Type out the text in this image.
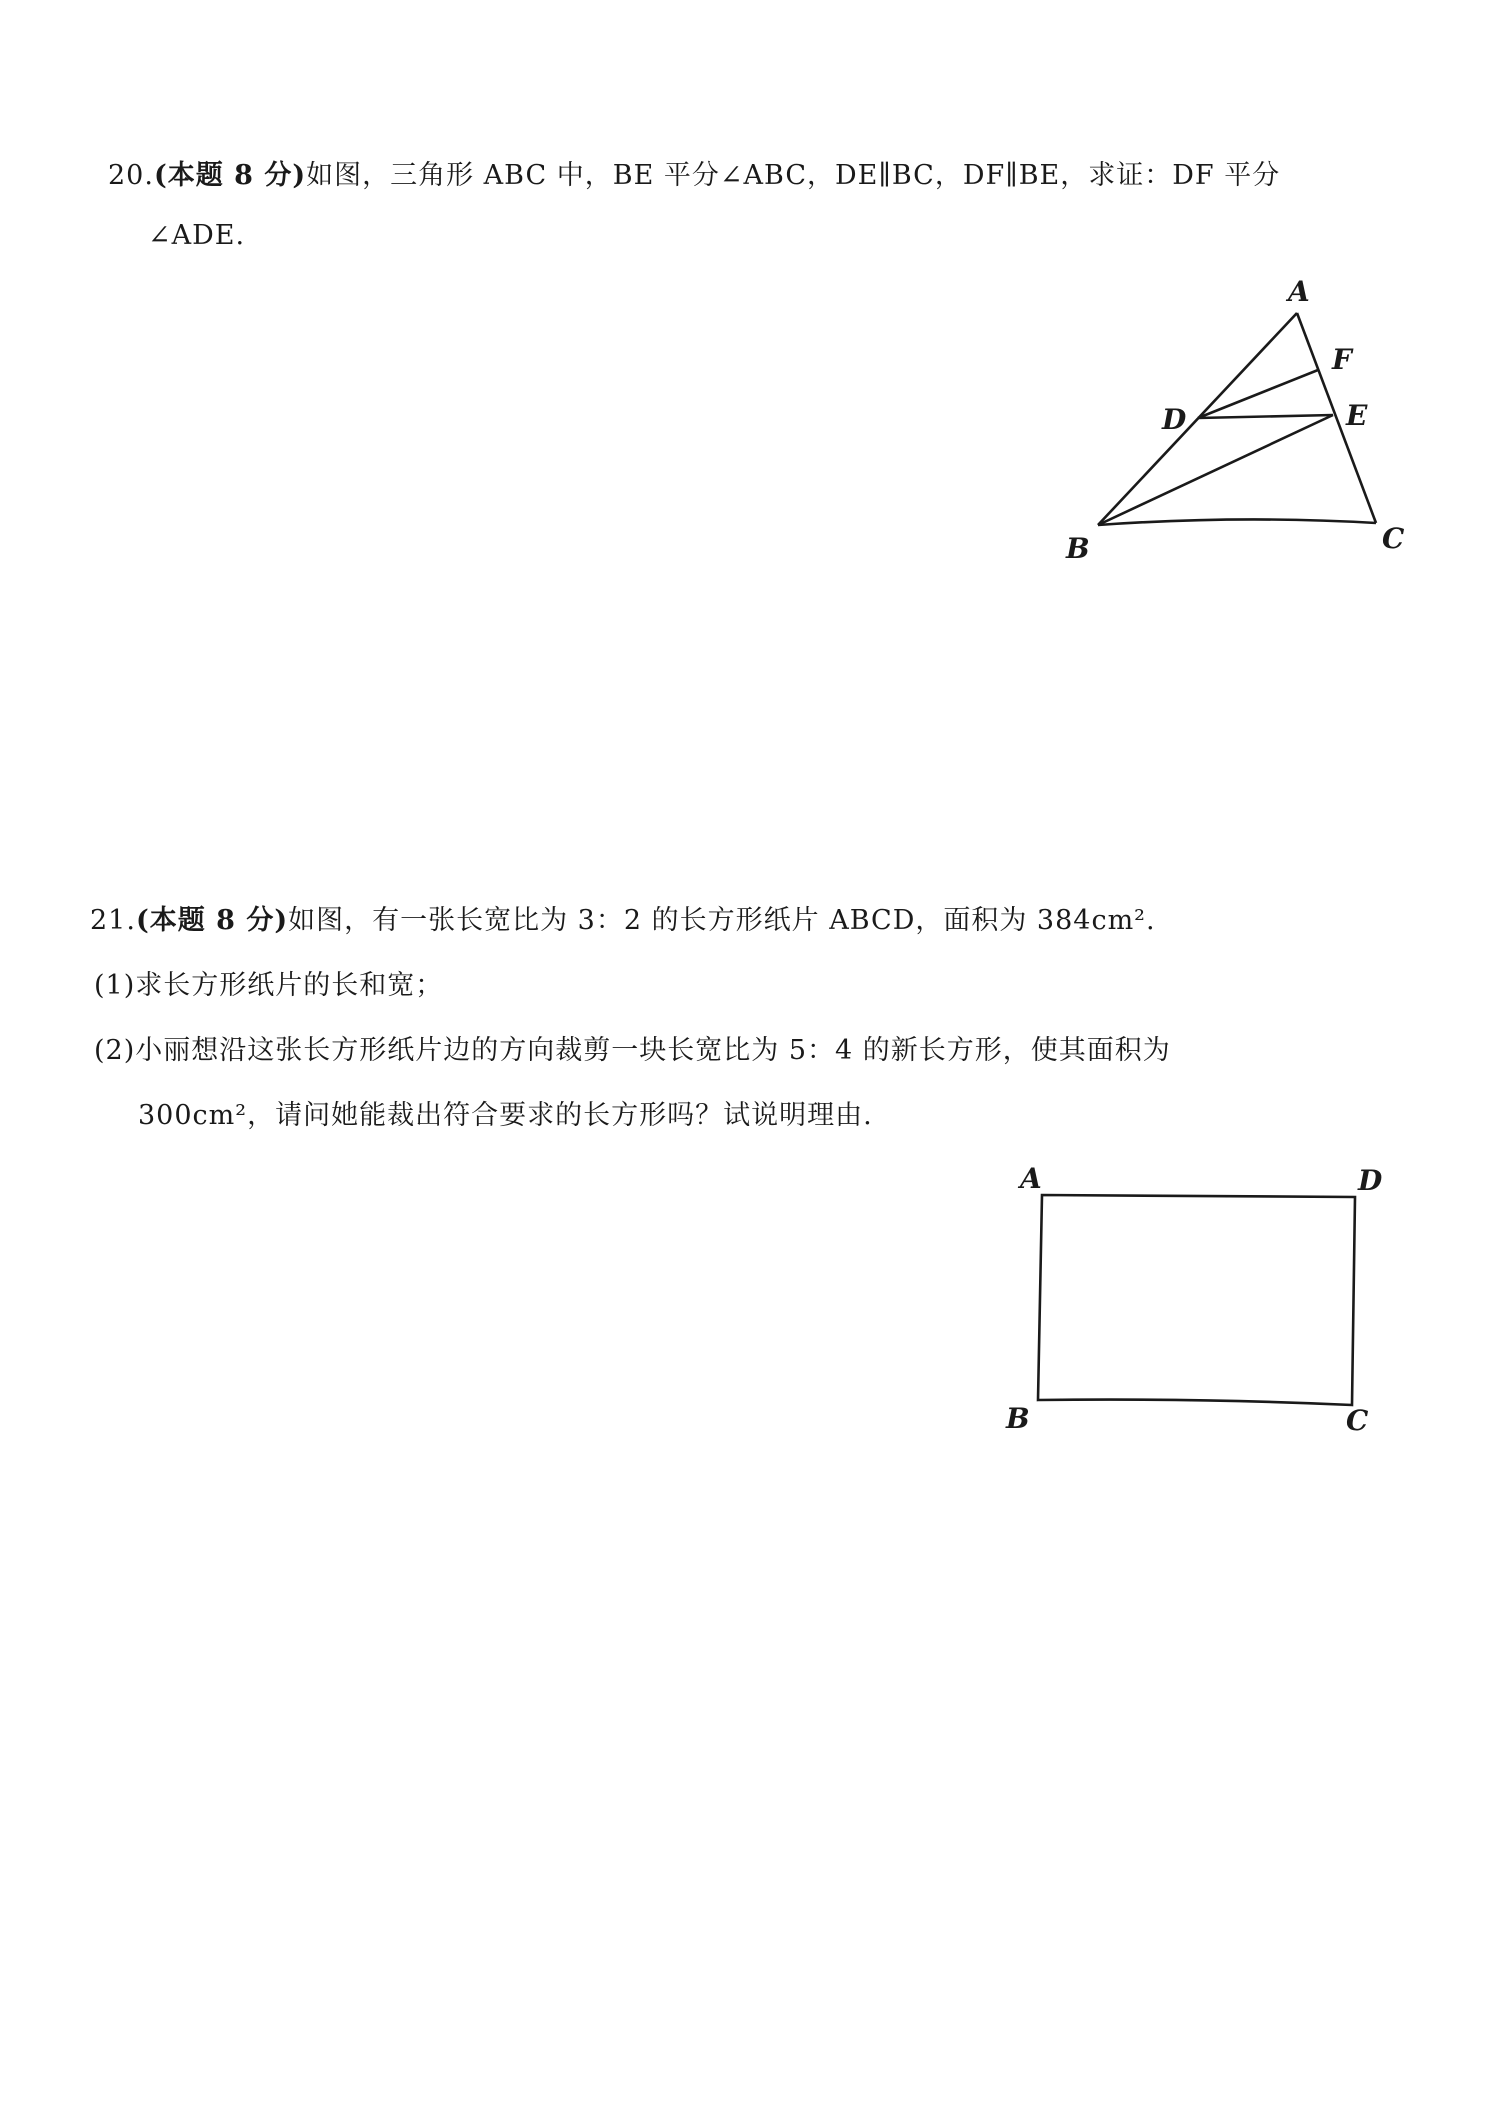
20.(本题 8 分)如图，三角形 ABC 中，BE 平分∠ABC，DE∥BC，DF∥BE，求证：DF 平分
∠ADE.
A
F
D	E
B	C
21.(本题 8 分)如图，有一张长宽比为 3：2 的长方形纸片 ABCD，面积为 384cm².
(1)求长方形纸片的长和宽；
(2)小丽想沿这张长方形纸片边的方向裁剪一块长宽比为 5：4 的新长方形，使其面积为
300cm²，请问她能裁出符合要求的长方形吗？试说明理由.
A	D
B	C
